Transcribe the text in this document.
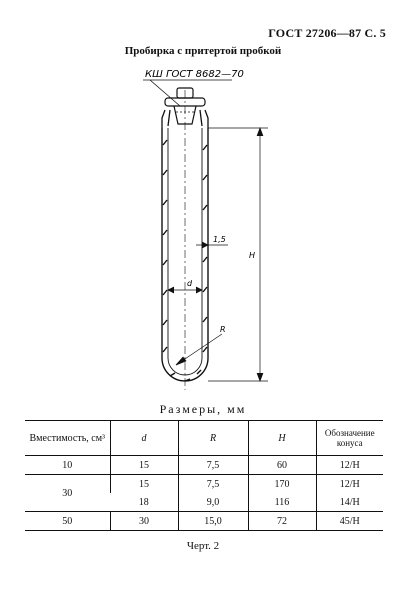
ГОСТ 27206—87 С. 5
Пробирка с притертой пробкой
КШ ГОСТ 8682—70
H
1,5
d
R
Размеры, мм
Вместимость, см³	d	R	H	Обозначение
конуса
10	15	7,5	60	12/H
30	15	7,5	170	12/H
	18	9,0	116	14/H
50	30	15,0	72	45/H
Черт. 2
